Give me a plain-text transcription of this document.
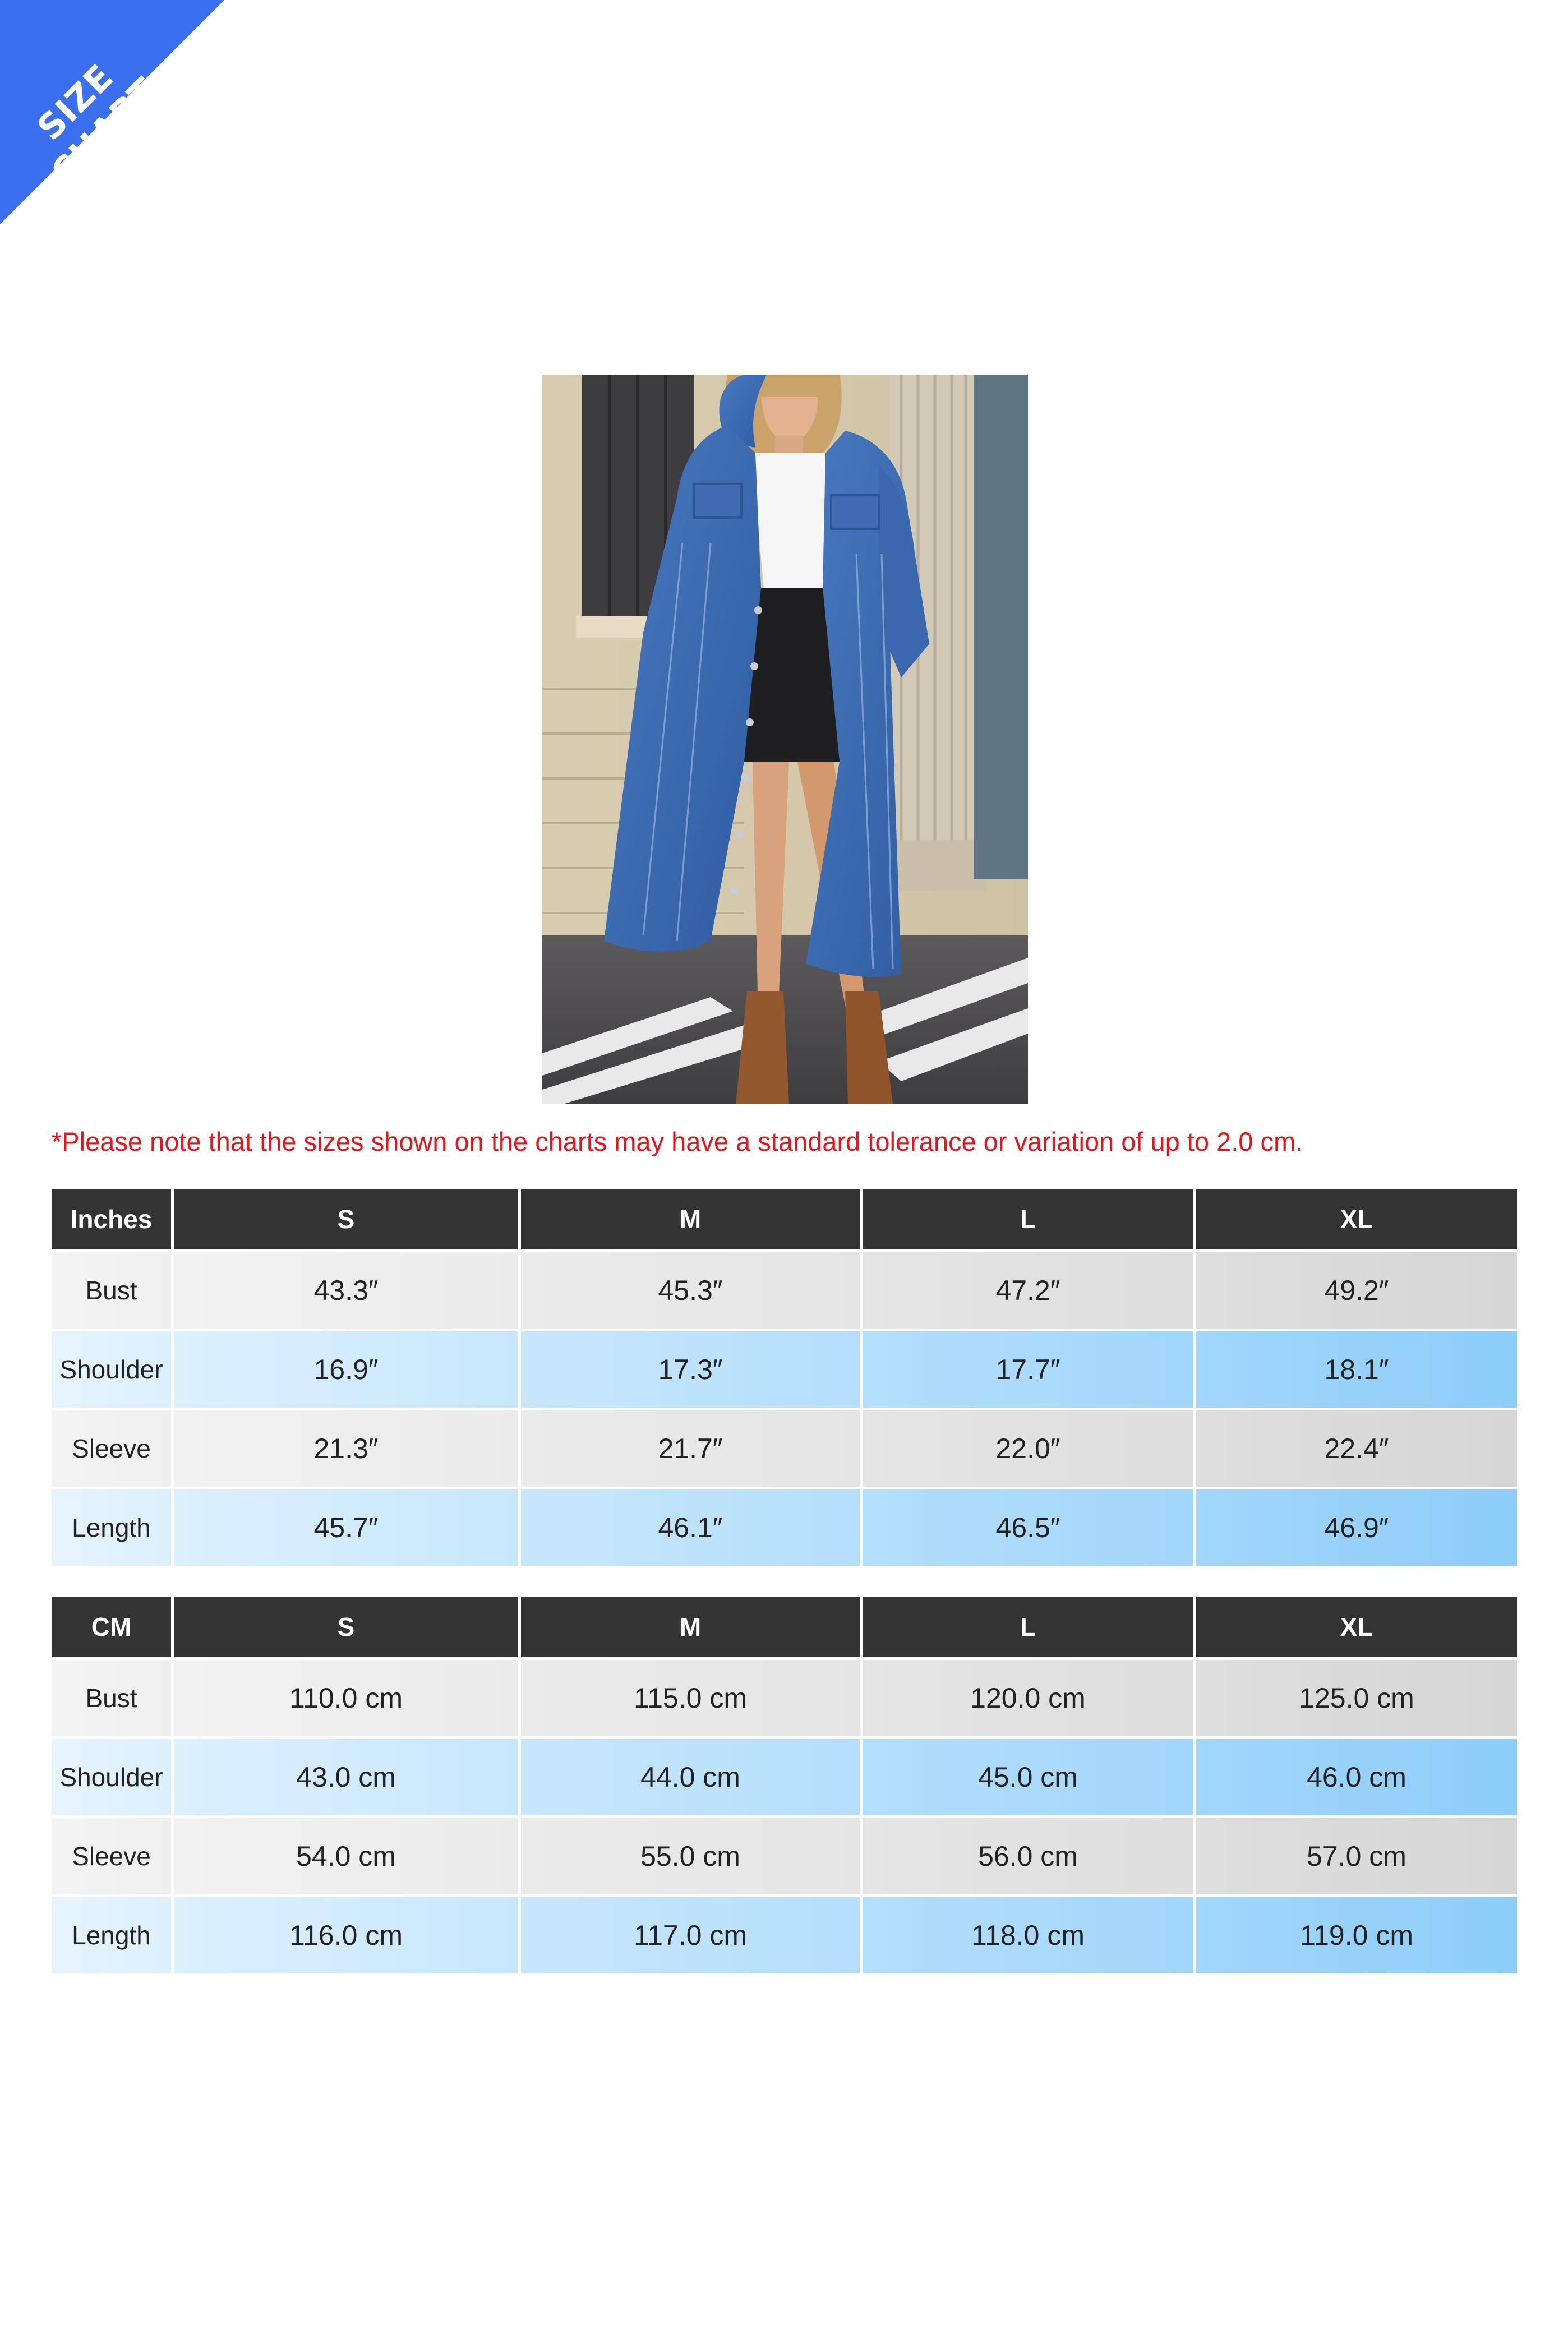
SIZE CHART
*Please note that the sizes shown on the charts may have a standard tolerance or variation of up to 2.0 cm.
Inches	S	M	L	XL
Bust	43.3″	45.3″	47.2″	49.2″
Shoulder	16.9″	17.3″	17.7″	18.1″
Sleeve	21.3″	21.7″	22.0″	22.4″
Length	45.7″	46.1″	46.5″	46.9″
CM	S	M	L	XL
Bust	110.0 cm	115.0 cm	120.0 cm	125.0 cm
Shoulder	43.0 cm	44.0 cm	45.0 cm	46.0 cm
Sleeve	54.0 cm	55.0 cm	56.0 cm	57.0 cm
Length	116.0 cm	117.0 cm	118.0 cm	119.0 cm
